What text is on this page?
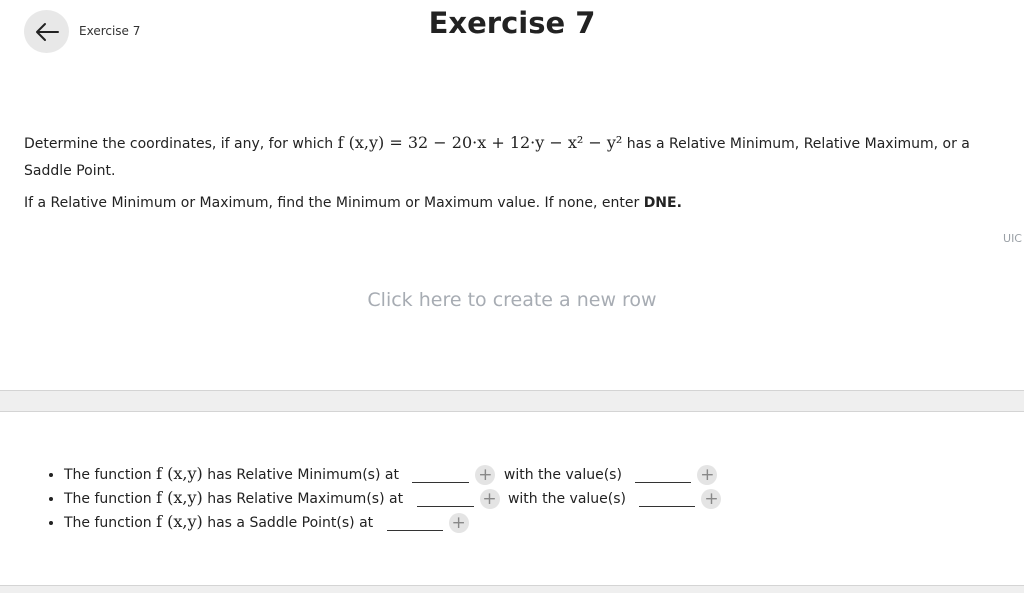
Exercise 7	Exercise 7
Determine the coordinates, if any, for which f (x,y) = 32 − 20·x + 12·y − x² − y² has a Relative Minimum, Relative Maximum, or a Saddle Point.
If a Relative Minimum or Maximum, find the Minimum or Maximum value. If none, enter DNE.
UIC
Click here to create a new row
• The function f (x,y) has Relative Minimum(s) at	+ with the value(s)	+
• The function f (x,y) has Relative Maximum(s) at	+ with the value(s)	+
• The function f (x,y) has a Saddle Point(s) at	+
